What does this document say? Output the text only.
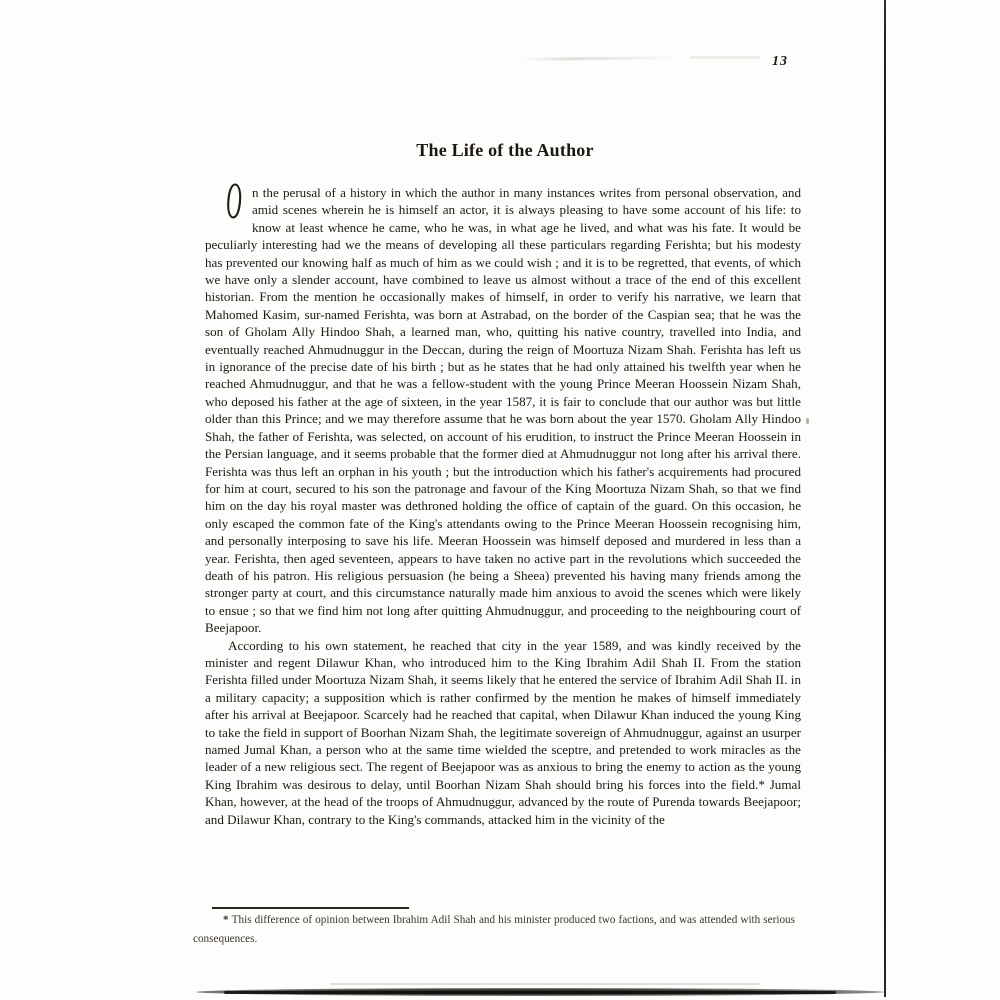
13
The Life of the Author

O n the perusal of a history in which the author in many instances writes from personal observation, and amid scenes wherein he is himself an actor, it is always pleasing to have some account of his life: to know at least whence he came, who he was, in what age he lived, and what was his fate. It would be peculiarly interesting had we the means of developing all these particulars regarding Ferishta; but his modesty has prevented our knowing half as much of him as we could wish ; and it is to be regretted, that events, of which we have only a slender account, have combined to leave us almost without a trace of the end of this excellent historian. From the mention he occasionally makes of himself, in order to verify his narrative, we learn that Mahomed Kasim, sur-named Ferishta, was born at Astrabad, on the border of the Caspian sea; that he was the son of Gholam Ally Hindoo Shah, a learned man, who, quitting his native country, travelled into India, and eventually reached Ahmudnuggur in the Deccan, during the reign of Moortuza Nizam Shah. Ferishta has left us in ignorance of the precise date of his birth ; but as he states that he had only attained his twelfth year when he reached Ahmudnuggur, and that he was a fellow-student with the young Prince Meeran Hoossein Nizam Shah, who deposed his father at the age of sixteen, in the year 1587, it is fair to conclude that our author was but little older than this Prince; and we may therefore assume that he was born about the year 1570. Gholam Ally Hindoo Shah, the father of Ferishta, was selected, on account of his erudition, to instruct the Prince Meeran Hoossein in the Persian language, and it seems probable that the former died at Ahmudnuggur not long after his arrival there. Ferishta was thus left an orphan in his youth ; but the introduction which his father's acquirements had procured for him at court, secured to his son the patronage and favour of the King Moortuza Nizam Shah, so that we find him on the day his royal master was dethroned holding the office of captain of the guard. On this occasion, he only escaped the common fate of the King's attendants owing to the Prince Meeran Hoossein recognising him, and personally interposing to save his life. Meeran Hoossein was himself deposed and murdered in less than a year. Ferishta, then aged seventeen, appears to have taken no active part in the revolutions which succeeded the death of his patron. His religious persuasion (he being a Sheea) prevented his having many friends among the stronger party at court, and this circumstance naturally made him anxious to avoid the scenes which were likely to ensue ; so that we find him not long after quitting Ahmudnuggur, and proceeding to the neighbouring court of Beejapoor.

According to his own statement, he reached that city in the year 1589, and was kindly received by the minister and regent Dilawur Khan, who introduced him to the King Ibrahim Adil Shah II. From the station Ferishta filled under Moortuza Nizam Shah, it seems likely that he entered the service of Ibrahim Adil Shah II. in a military capacity; a supposition which is rather confirmed by the mention he makes of himself immediately after his arrival at Beejapoor. Scarcely had he reached that capital, when Dilawur Khan induced the young King to take the field in support of Boorhan Nizam Shah, the legitimate sovereign of Ahmudnuggur, against an usurper named Jumal Khan, a person who at the same time wielded the sceptre, and pretended to work miracles as the leader of a new religious sect. The regent of Beejapoor was as anxious to bring the enemy to action as the young King Ibrahim was desirous to delay, until Boorhan Nizam Shah should bring his forces into the field.* Jumal Khan, however, at the head of the troops of Ahmudnuggur, advanced by the route of Purenda towards Beejapoor; and Dilawur Khan, contrary to the King's commands, attacked him in the vicinity of the

* This difference of opinion between Ibrahim Adil Shah and his minister produced two factions, and was attended with serious consequences.
